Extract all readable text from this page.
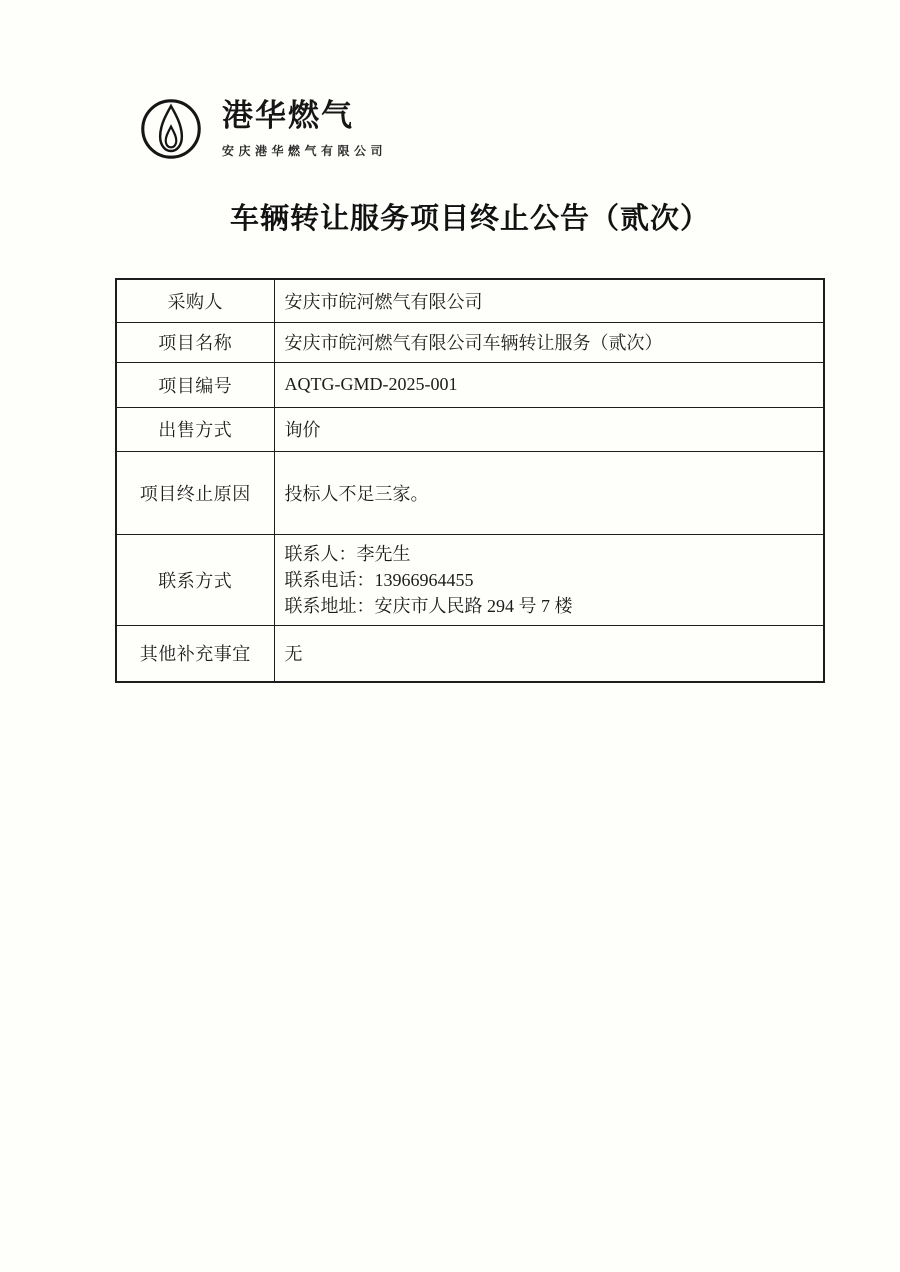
港华燃气
安庆港华燃气有限公司
车辆转让服务项目终止公告（贰次）
采购人	安庆市皖河燃气有限公司
项目名称	安庆市皖河燃气有限公司车辆转让服务（贰次）
项目编号	AQTG-GMD-2025-001
出售方式	询价
项目终止原因	投标人不足三家。
联系方式	联系人：李先生
联系电话：13966964455
联系地址：安庆市人民路 294 号 7 楼

其他补充事宜	无
